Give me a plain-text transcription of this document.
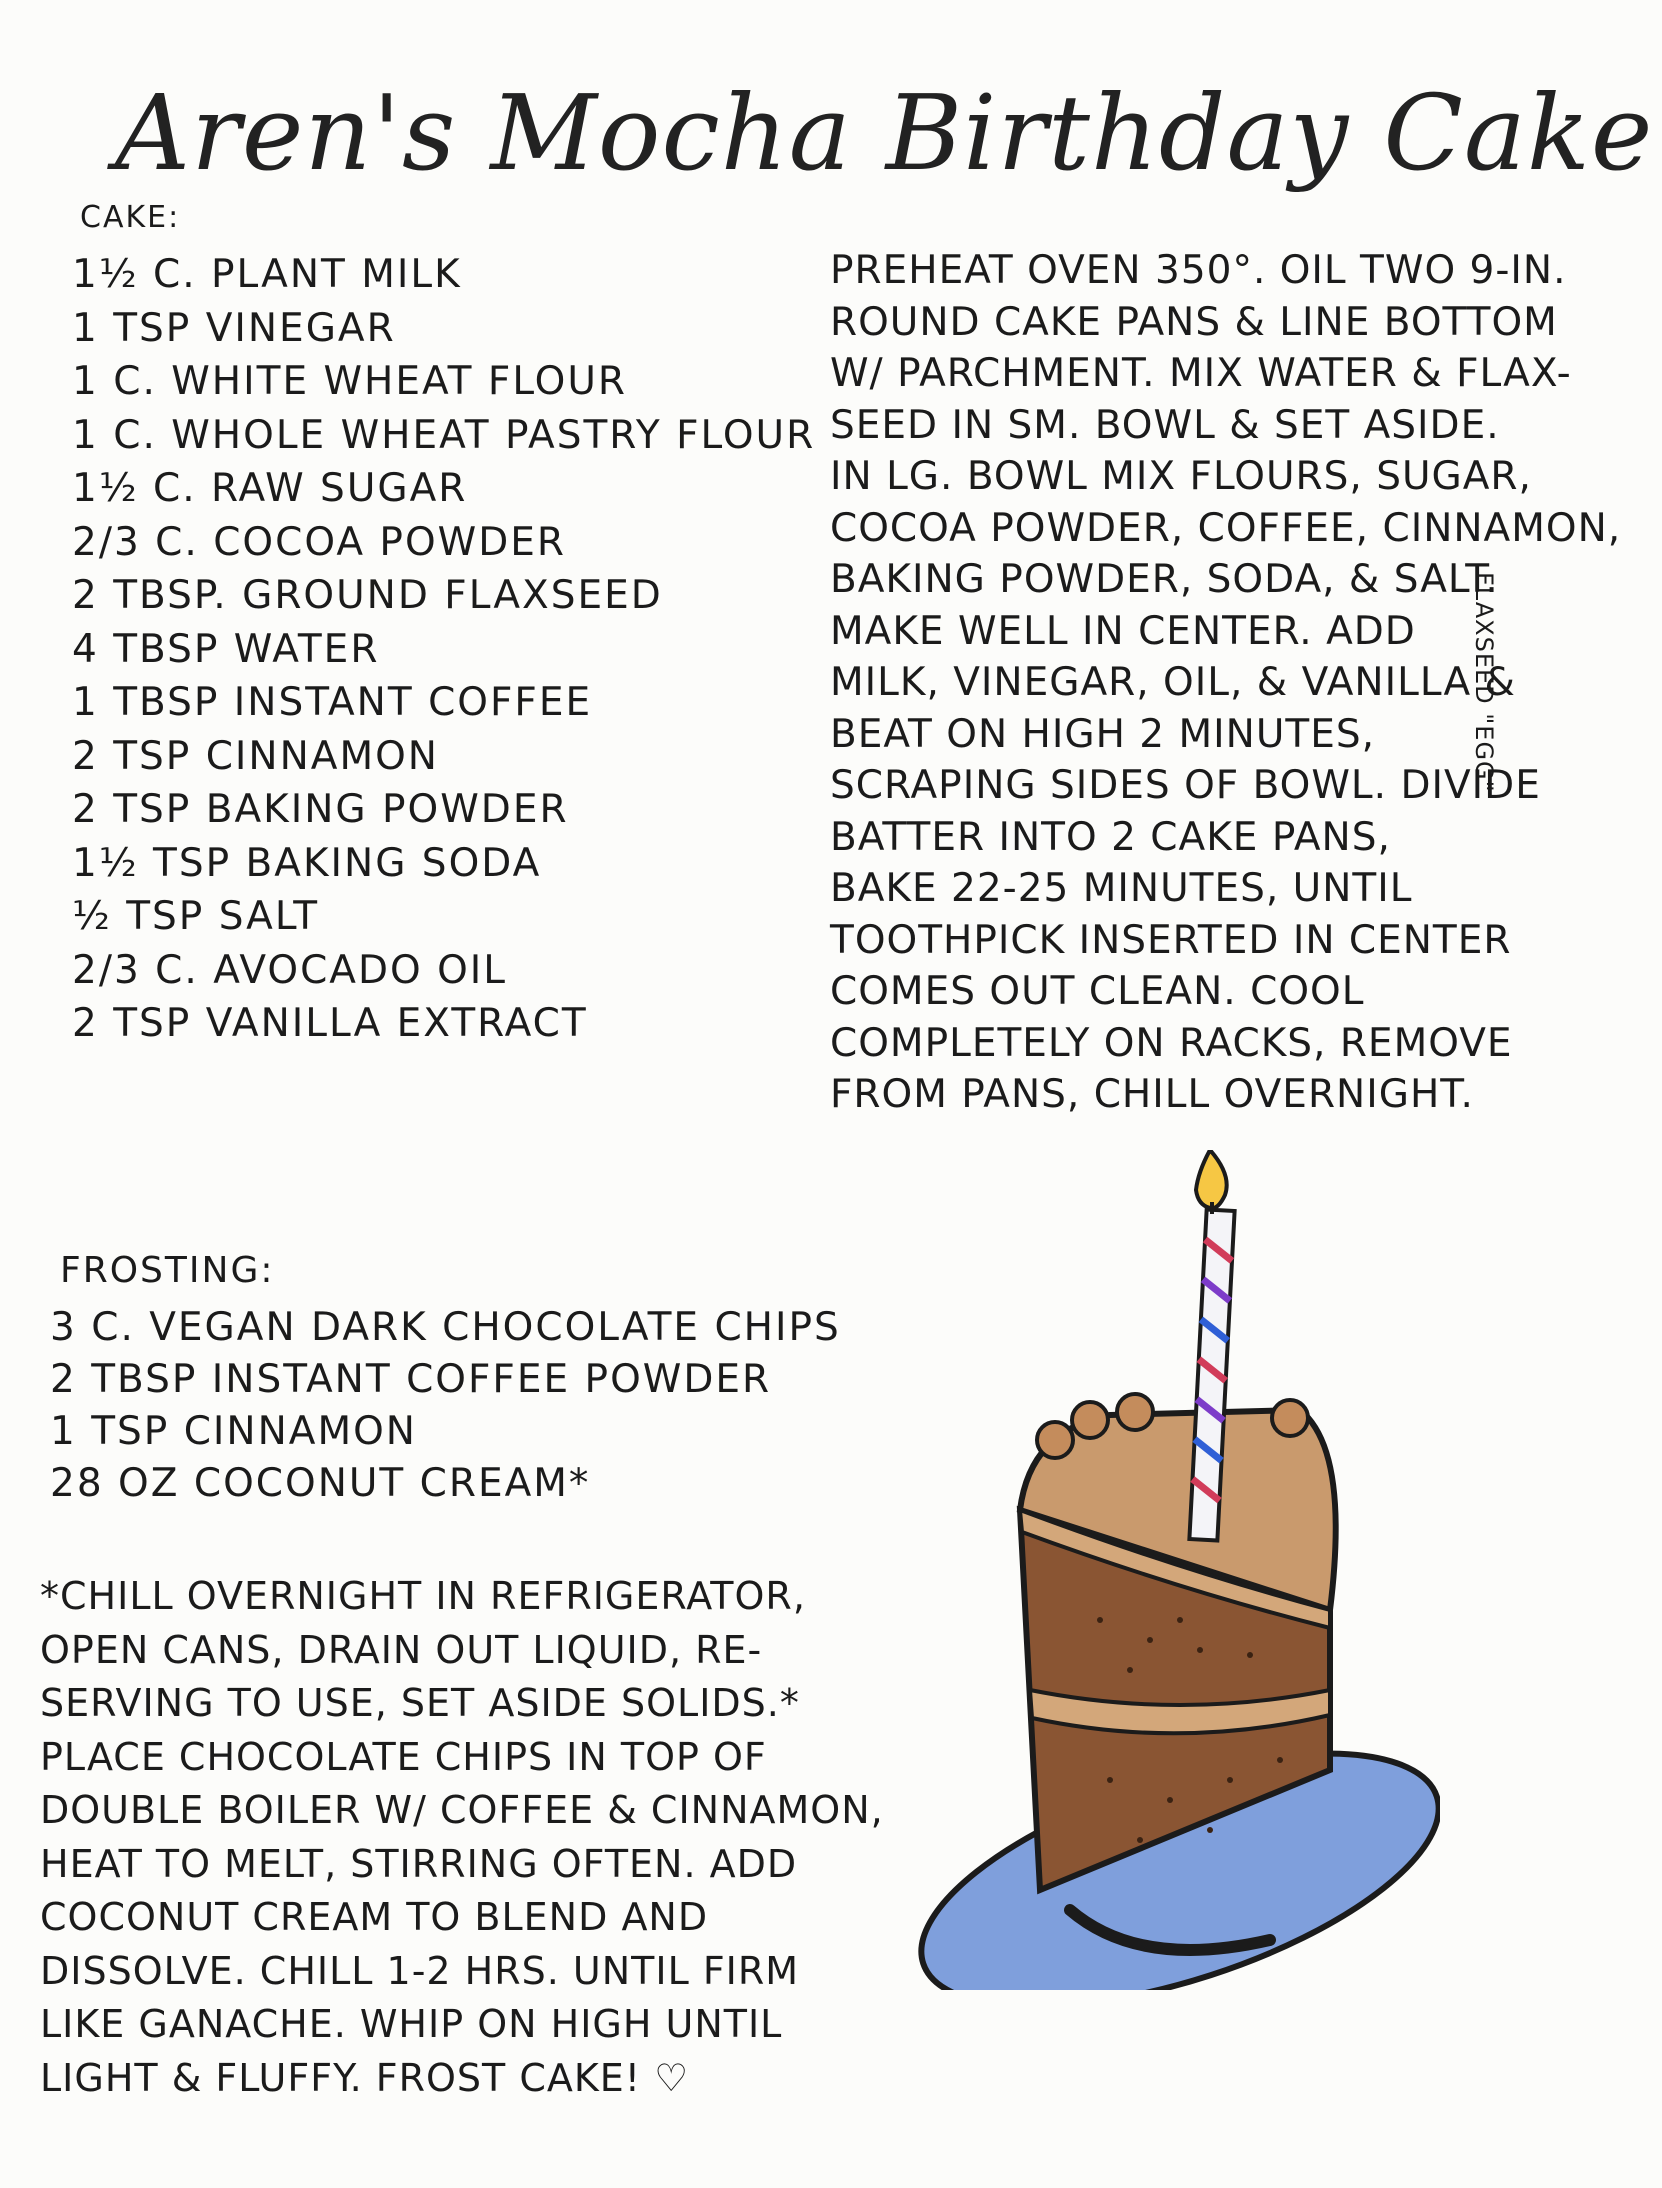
Aren's Mocha Birthday Cake
CAKE:
1½ C. PLANT MILK
1 TSP VINEGAR
1 C. WHITE WHEAT FLOUR
1 C. WHOLE WHEAT PASTRY FLOUR
1½ C. RAW SUGAR
2/3 C. COCOA POWDER
2 TBSP. GROUND FLAXSEED
4 TBSP WATER
1 TBSP INSTANT COFFEE
2 TSP CINNAMON
2 TSP BAKING POWDER
1½ TSP BAKING SODA
½ TSP SALT
2/3 C. AVOCADO OIL
2 TSP VANILLA EXTRACT
PREHEAT OVEN 350°. OIL TWO 9-IN.
ROUND CAKE PANS & LINE BOTTOM
W/ PARCHMENT. MIX WATER & FLAX-
SEED IN SM. BOWL & SET ASIDE.
IN LG. BOWL MIX FLOURS, SUGAR,
COCOA POWDER, COFFEE, CINNAMON,
BAKING POWDER, SODA, & SALT.
MAKE WELL IN CENTER. ADD
MILK, VINEGAR, OIL, & VANILLA &
BEAT ON HIGH 2 MINUTES,
SCRAPING SIDES OF BOWL. DIVIDE
BATTER INTO 2 CAKE PANS,
BAKE 22-25 MINUTES, UNTIL
TOOTHPICK INSERTED IN CENTER
COMES OUT CLEAN. COOL
COMPLETELY ON RACKS, REMOVE
FROM PANS, CHILL OVERNIGHT.
FLAXSEED "EGG"
FROSTING:
3 C. VEGAN DARK CHOCOLATE CHIPS
2 TBSP INSTANT COFFEE POWDER
1 TSP CINNAMON
28 OZ COCONUT CREAM*
*CHILL OVERNIGHT IN REFRIGERATOR,
OPEN CANS, DRAIN OUT LIQUID, RE-
SERVING TO USE, SET ASIDE SOLIDS.*
PLACE CHOCOLATE CHIPS IN TOP OF
DOUBLE BOILER W/ COFFEE & CINNAMON,
HEAT TO MELT, STIRRING OFTEN. ADD
COCONUT CREAM TO BLEND AND
DISSOLVE. CHILL 1-2 HRS. UNTIL FIRM
LIKE GANACHE. WHIP ON HIGH UNTIL
LIGHT & FLUFFY. FROST CAKE! ♡
